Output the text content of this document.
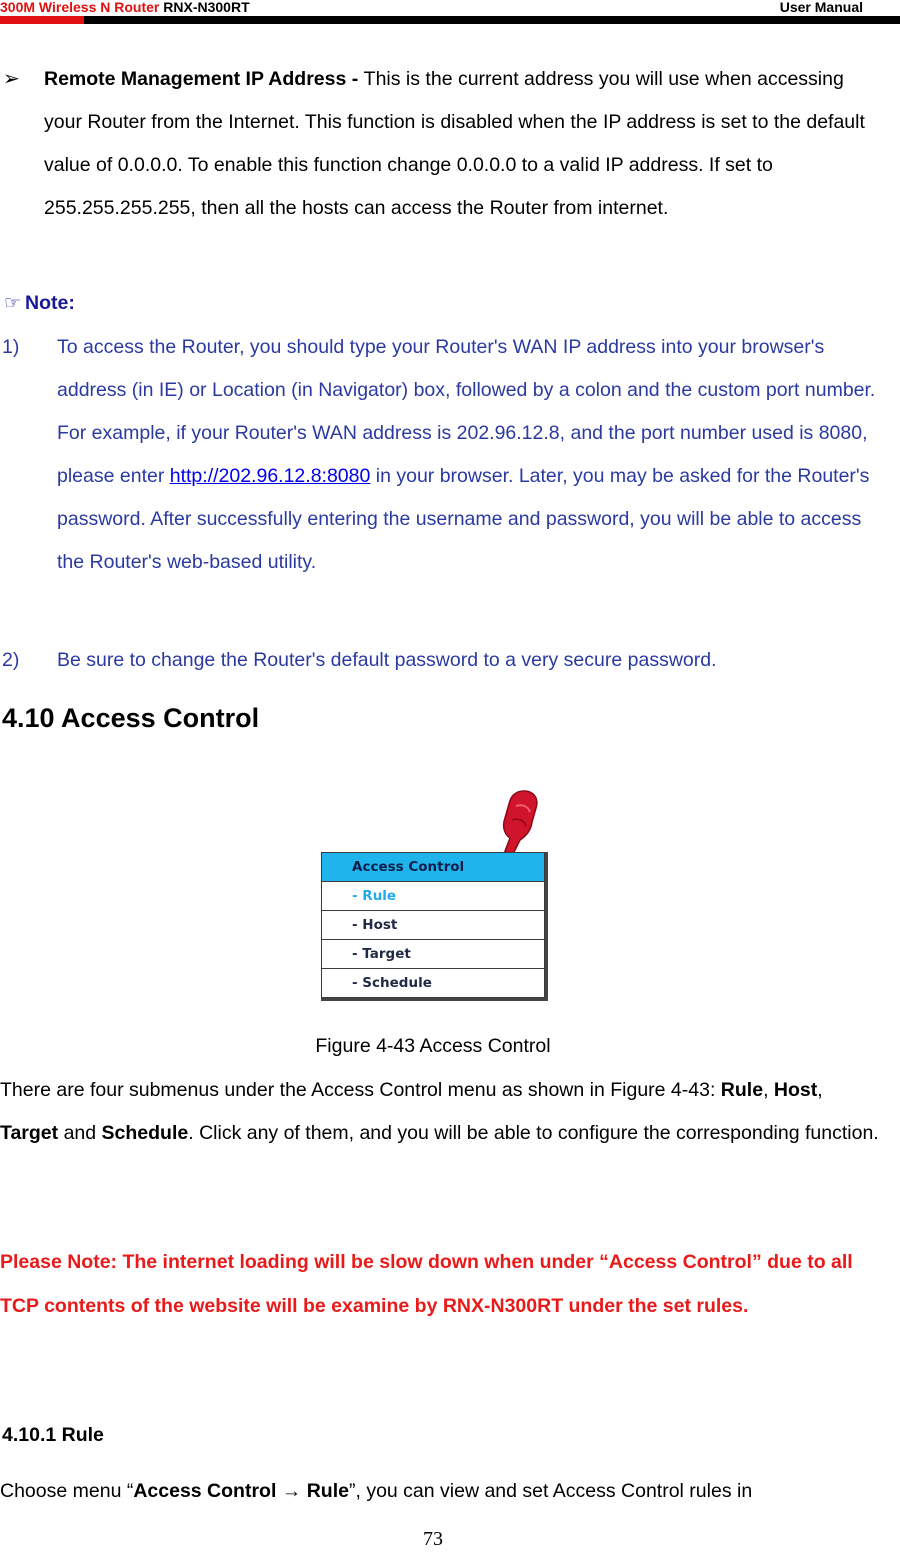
300M Wireless N Router RNX-N300RT	User Manual
➢ Remote Management IP Address - This is the current address you will use when accessing your Router from the Internet. This function is disabled when the IP address is set to the default value of 0.0.0.0. To enable this function change 0.0.0.0 to a valid IP address. If set to 255.255.255.255, then all the hosts can access the Router from internet.

☞ Note:
1) To access the Router, you should type your Router's WAN IP address into your browser's address (in IE) or Location (in Navigator) box, followed by a colon and the custom port number. For example, if your Router's WAN address is 202.96.12.8, and the port number used is 8080, please enter http://202.96.12.8:8080 in your browser. Later, you may be asked for the Router's password. After successfully entering the username and password, you will be able to access the Router's web-based utility.

2) Be sure to change the Router's default password to a very secure password.

4.10 Access Control
Access Control
- Rule
- Host
- Target
- Schedule
Figure 4-43 Access Control

There are four submenus under the Access Control menu as shown in Figure 4-43: Rule, Host, Target and Schedule. Click any of them, and you will be able to configure the corresponding function.

Please Note: The internet loading will be slow down when under “Access Control” due to all TCP contents of the website will be examine by RNX-N300RT under the set rules.

4.10.1 Rule

Choose menu “Access Control → Rule”, you can view and set Access Control rules in

73
